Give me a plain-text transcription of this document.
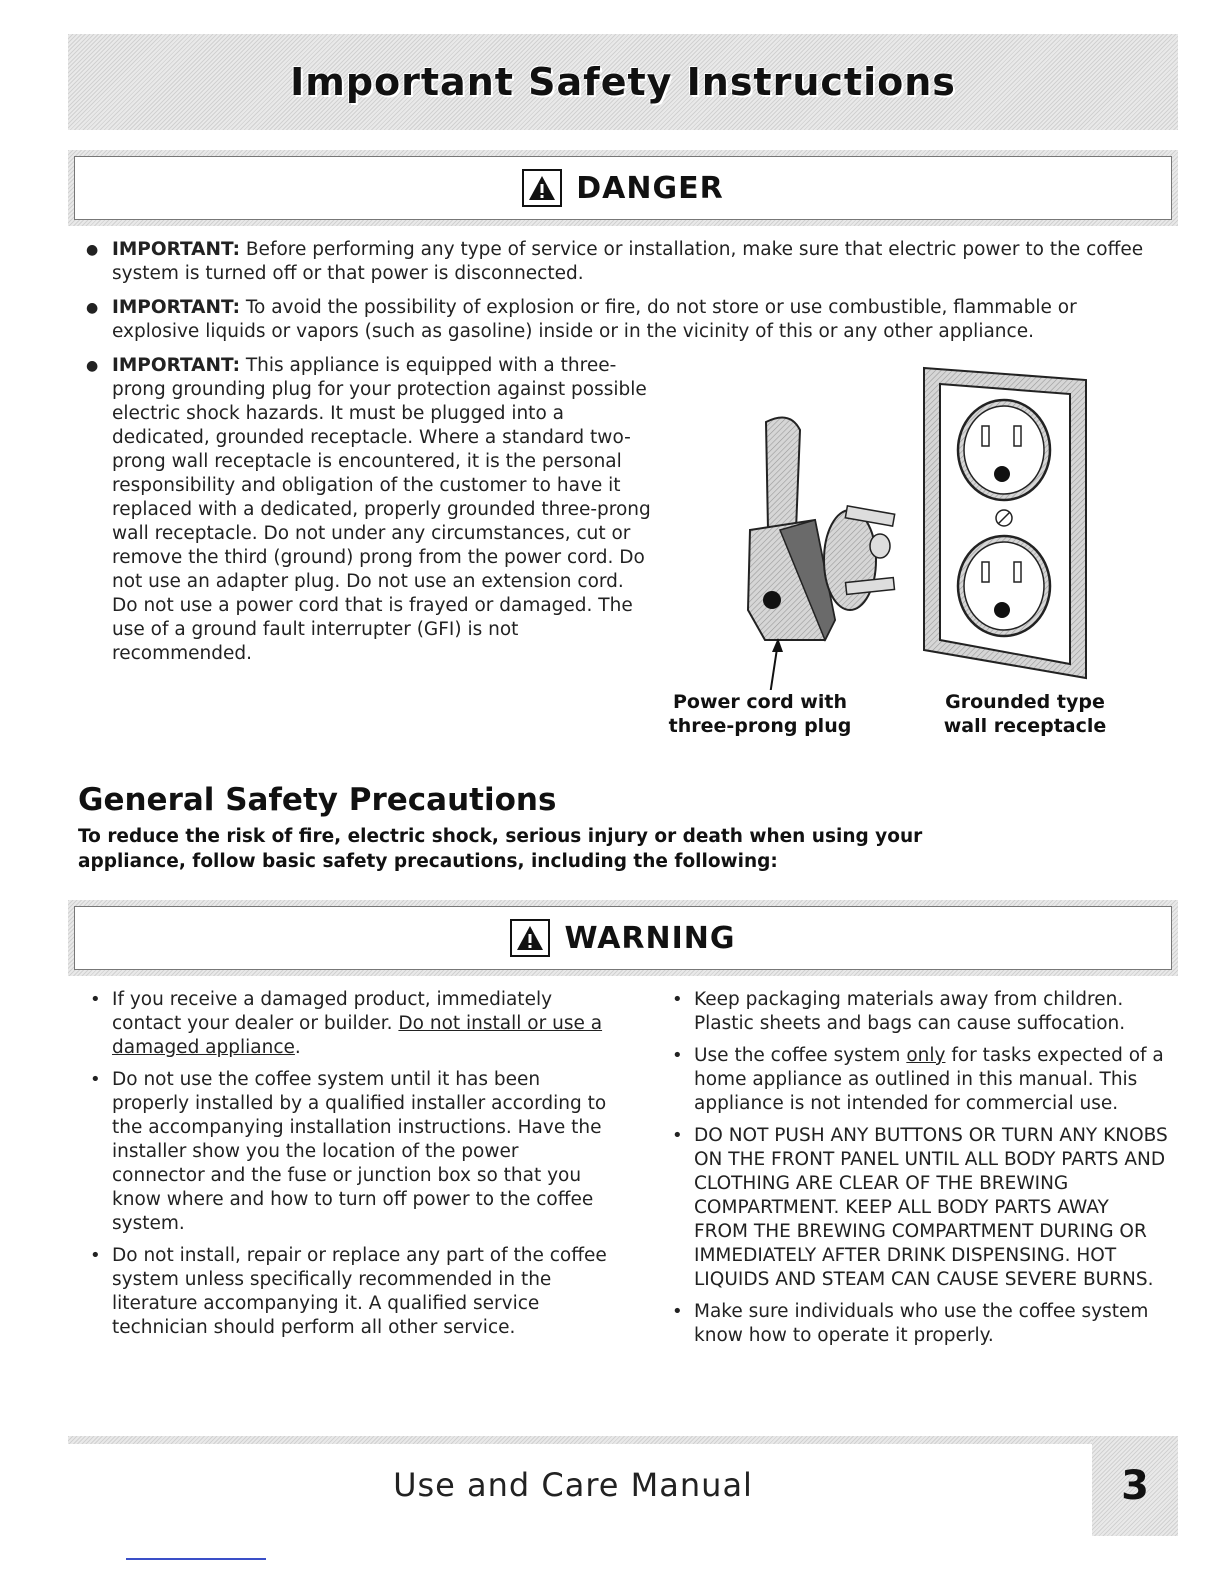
Important Safety Instructions
DANGER
● IMPORTANT: Before performing any type of service or installation, make sure that electric power to the coffee system is turned off or that power is disconnected.
● IMPORTANT: To avoid the possibility of explosion or fire, do not store or use combustible, flammable or explosive liquids or vapors (such as gasoline) inside or in the vicinity of this or any other appliance.
● IMPORTANT: This appliance is equipped with a three-prong grounding plug for your protection against possible electric shock hazards. It must be plugged into a dedicated, grounded receptacle. Where a standard two-prong wall receptacle is encountered, it is the personal responsibility and obligation of the customer to have it replaced with a dedicated, properly grounded three-prong wall receptacle. Do not under any circumstances, cut or remove the third (ground) prong from the power cord. Do not use an adapter plug. Do not use an extension cord. Do not use a power cord that is frayed or damaged. The use of a ground fault interrupter (GFI) is not recommended.
Power cord with
three-prong plug
Grounded type
wall receptacle
General Safety Precautions

To reduce the risk of fire, electric shock, serious injury or death when using your appliance, follow basic safety precautions, including the following:

WARNING
• If you receive a damaged product, immediately contact your dealer or builder. Do not install or use a damaged appliance.
• Do not use the coffee system until it has been properly installed by a qualified installer according to the accompanying installation instructions. Have the installer show you the location of the power connector and the fuse or junction box so that you know where and how to turn off power to the coffee system.
• Do not install, repair or replace any part of the coffee system unless specifically recommended in the literature accompanying it. A qualified service technician should perform all other service.
• Keep packaging materials away from children. Plastic sheets and bags can cause suffocation.
• Use the coffee system only for tasks expected of a home appliance as outlined in this manual. This appliance is not intended for commercial use.
• DO NOT PUSH ANY BUTTONS OR TURN ANY KNOBS ON THE FRONT PANEL UNTIL ALL BODY PARTS AND CLOTHING ARE CLEAR OF THE BREWING COMPARTMENT. KEEP ALL BODY PARTS AWAY FROM THE BREWING COMPARTMENT DURING OR IMMEDIATELY AFTER DRINK DISPENSING. HOT LIQUIDS AND STEAM CAN CAUSE SEVERE BURNS.
• Make sure individuals who use the coffee system know how to operate it properly.
Use and Care Manual	3
